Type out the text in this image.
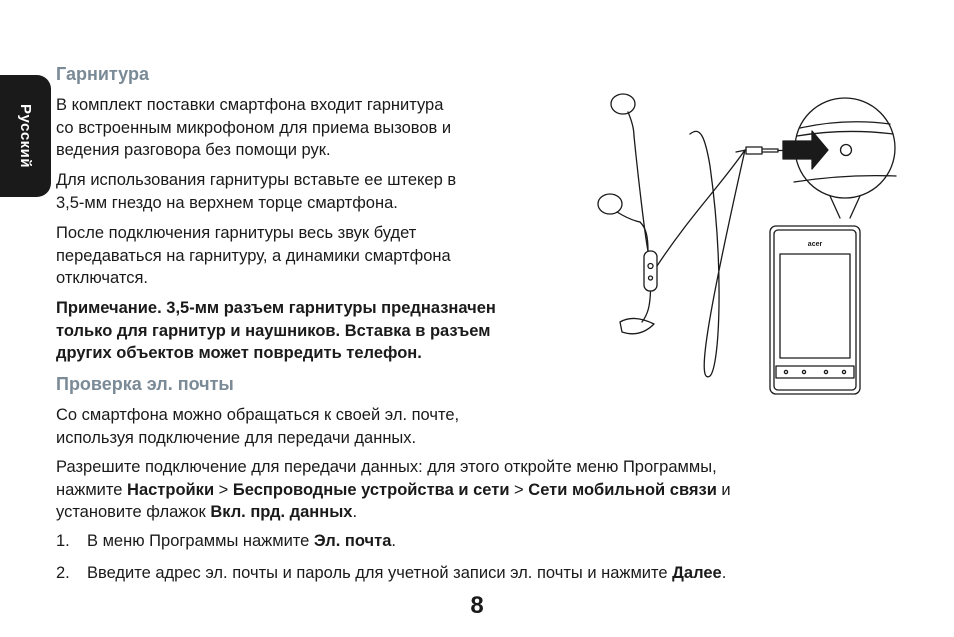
Русский
Гарнитура

В комплект поставки смартфона входит гарнитура
со встроенным микрофоном для приема вызовов и
ведения разговора без помощи рук.

Для использования гарнитуры вставьте ее штекер в
3,5-мм гнездо на верхнем торце смартфона.

После подключения гарнитуры весь звук будет
передаваться на гарнитуру, а динамики смартфона
отключатся.

Примечание. 3,5-мм разъем гарнитуры предназначен
только для гарнитур и наушников. Вставка в разъем
других объектов может повредить телефон.

Проверка эл. почты

Со смартфона можно обращаться к своей эл. почте,
используя подключение для передачи данных.

Разрешите подключение для передачи данных: для этого откройте меню Программы,
нажмите Настройки > Беспроводные устройства и сети > Сети мобильной связи и
установите флажок Вкл. прд. данных.

1. В меню Программы нажмите Эл. почта.
2. Введите адрес эл. почты и пароль для учетной записи эл. почты и нажмите Далее.
8
acer
